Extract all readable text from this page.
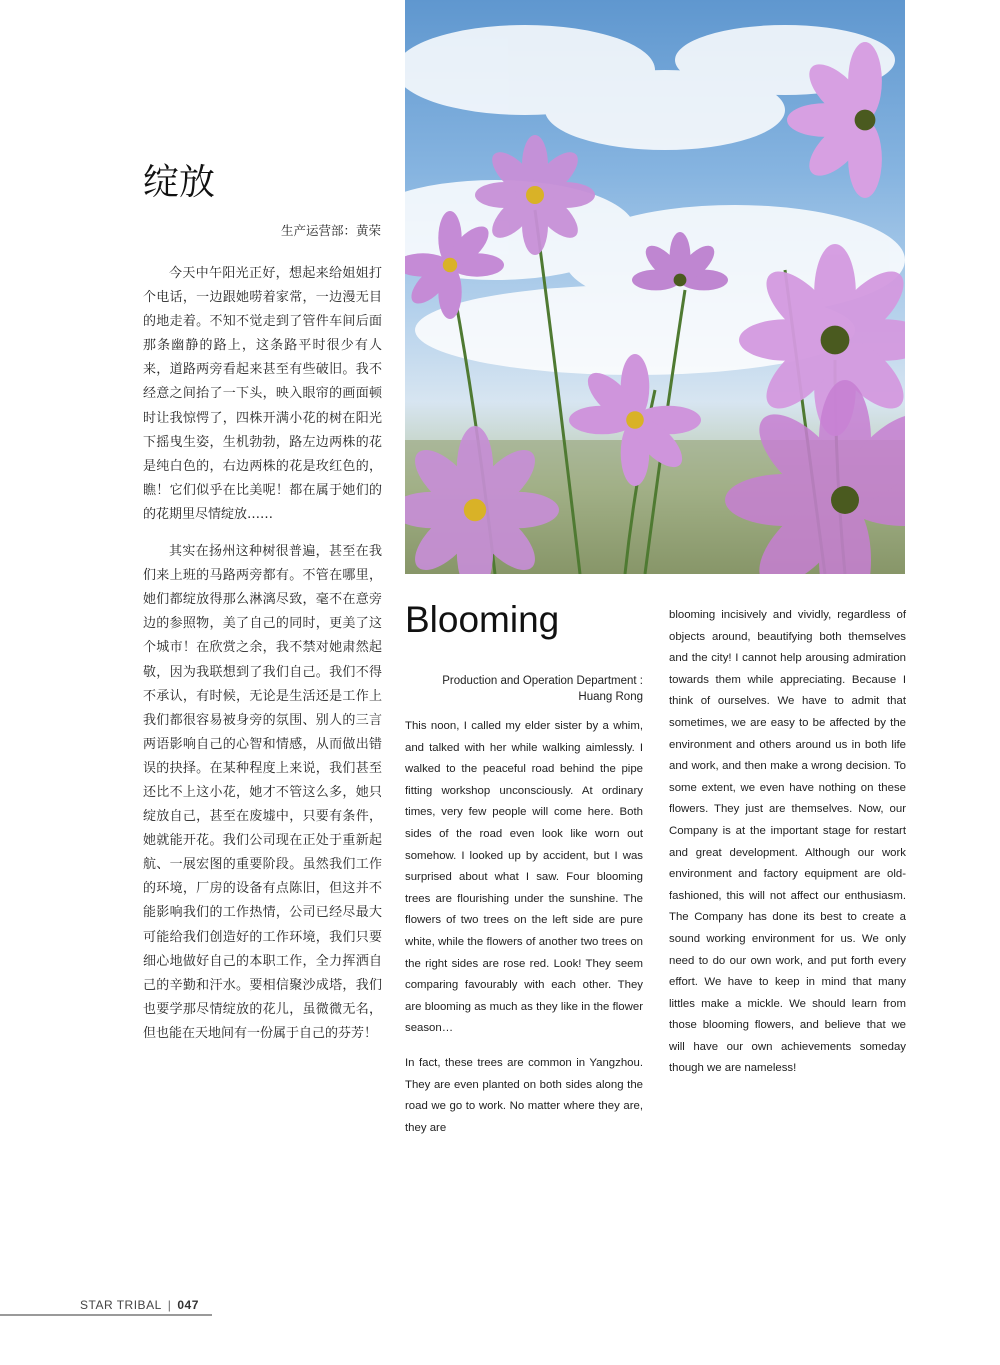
绽放
生产运营部：黄荣

今天中午阳光正好，想起来给姐姐打个电话，一边跟她唠着家常，一边漫无目的地走着。不知不觉走到了管件车间后面那条幽静的路上，这条路平时很少有人来，道路两旁看起来甚至有些破旧。我不经意之间抬了一下头，映入眼帘的画面顿时让我惊愕了，四株开满小花的树在阳光下摇曳生姿，生机勃勃，路左边两株的花是纯白色的，右边两株的花是玫红色的，瞧！它们似乎在比美呢！都在属于她们的的花期里尽情绽放……

其实在扬州这种树很普遍，甚至在我们来上班的马路两旁都有。不管在哪里，她们都绽放得那么淋漓尽致，毫不在意旁边的参照物，美了自己的同时，更美了这个城市！在欣赏之余，我不禁对她肃然起敬，因为我联想到了我们自己。我们不得不承认，有时候，无论是生活还是工作上我们都很容易被身旁的氛围、别人的三言两语影响自己的心智和情感，从而做出错误的抉择。在某种程度上来说，我们甚至还比不上这小花，她才不管这么多，她只绽放自己，甚至在废墟中，只要有条件，她就能开花。我们公司现在正处于重新起航、一展宏图的重要阶段。虽然我们工作的环境，厂房的设备有点陈旧，但这并不能影响我们的工作热情，公司已经尽最大可能给我们创造好的工作环境，我们只要细心地做好自己的本职工作，全力挥洒自己的辛勤和汗水。要相信聚沙成塔，我们也要学那尽情绽放的花儿，虽微微无名，但也能在天地间有一份属于自己的芬芳！

Blooming
Production and Operation Department :
Huang Rong

This noon, I called my elder sister by a whim, and talked with her while walking aimlessly. I walked to the peaceful road behind the pipe fitting workshop unconsciously. At ordinary times, very few people will come here. Both sides of the road even look like worn out somehow. I looked up by accident, but I was surprised about what I saw. Four blooming trees are flourishing under the sunshine. The flowers of two trees on the left side are pure white, while the flowers of another two trees on the right sides are rose red. Look! They seem comparing favourably with each other. They are blooming as much as they like in the flower season…

In fact, these trees are common in Yangzhou. They are even planted on both sides along the road we go to work. No matter where they are, they are

blooming incisively and vividly, regardless of objects around, beautifying both themselves and the city! I cannot help arousing admiration towards them while appreciating. Because I think of ourselves. We have to admit that sometimes, we are easy to be affected by the environment and others around us in both life and work, and then make a wrong decision. To some extent, we even have nothing on these flowers. They just are themselves. Now, our Company is at the important stage for restart and great development. Although our work environment and factory equipment are old-fashioned, this will not affect our enthusiasm. The Company has done its best to create a sound working environment for us. We only need to do our own work, and put forth every effort. We have to keep in mind that many littles make a mickle. We should learn from those blooming flowers, and believe that we will have our own achievements someday though we are nameless!

STAR TRIBAL | 047
